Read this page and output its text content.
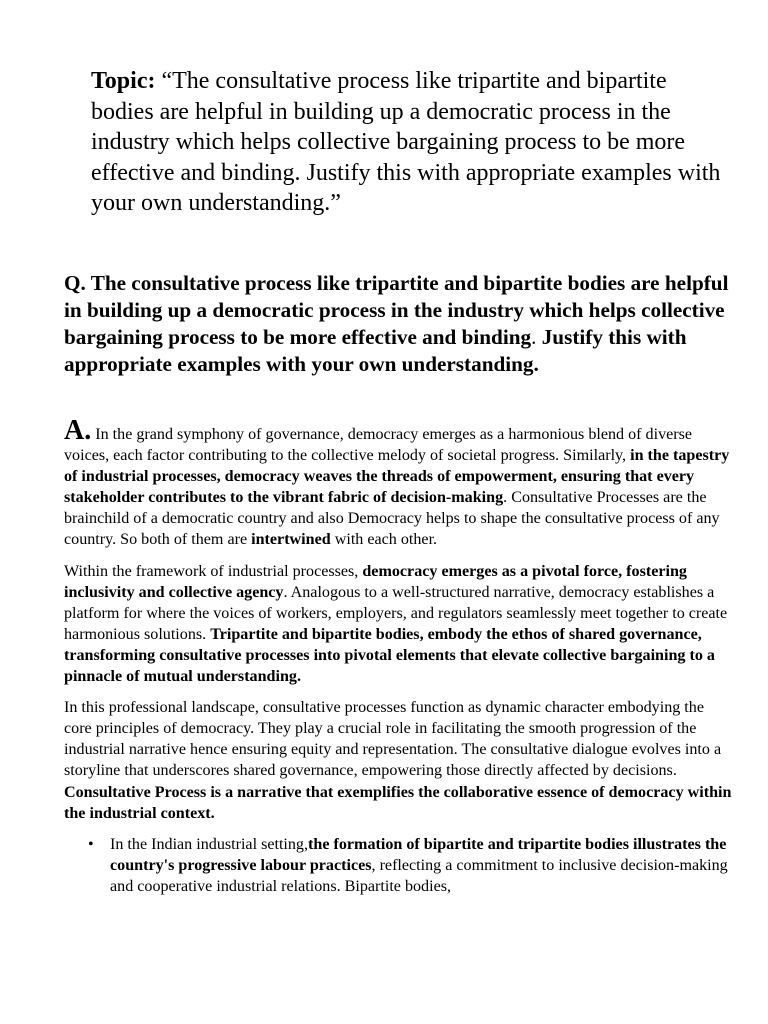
Topic: “The consultative process like tripartite and bipartite bodies are helpful in building up a democratic process in the industry which helps collective bargaining process to be more effective and binding. Justify this with appropriate examples with your own understanding.”

Q. The consultative process like tripartite and bipartite bodies are helpful in building up a democratic process in the industry which helps collective bargaining process to be more effective and binding. Justify this with appropriate examples with your own understanding.

A. In the grand symphony of governance, democracy emerges as a harmonious blend of diverse voices, each factor contributing to the collective melody of societal progress. Similarly, in the tapestry of industrial processes, democracy weaves the threads of empowerment, ensuring that every stakeholder contributes to the vibrant fabric of decision-making. Consultative Processes are the brainchild of a democratic country and also Democracy helps to shape the consultative process of any country. So both of them are intertwined with each other.

Within the framework of industrial processes, democracy emerges as a pivotal force, fostering inclusivity and collective agency. Analogous to a well-structured narrative, democracy establishes a platform for where the voices of workers, employers, and regulators seamlessly meet together to create harmonious solutions. Tripartite and bipartite bodies, embody the ethos of shared governance, transforming consultative processes into pivotal elements that elevate collective bargaining to a pinnacle of mutual understanding.

In this professional landscape, consultative processes function as dynamic character embodying the core principles of democracy. They play a crucial role in facilitating the smooth progression of the industrial narrative hence ensuring equity and representation. The consultative dialogue evolves into a storyline that underscores shared governance, empowering those directly affected by decisions. Consultative Process is a narrative that exemplifies the collaborative essence of democracy within the industrial context.

• In the Indian industrial setting,the formation of bipartite and tripartite bodies illustrates the country's progressive labour practices, reflecting a commitment to inclusive decision-making and cooperative industrial relations. Bipartite bodies,
